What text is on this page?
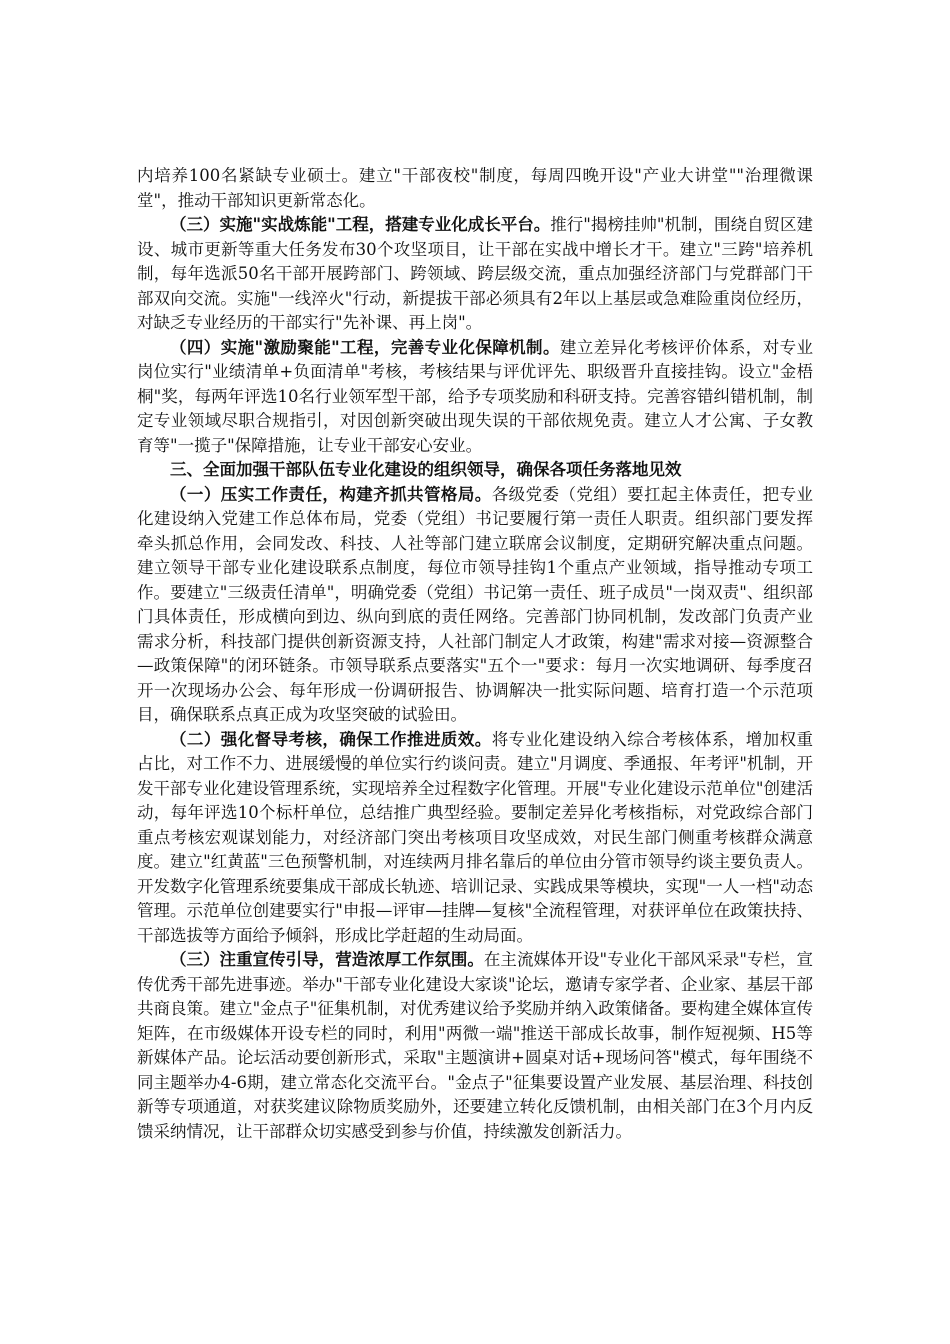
内培养100名紧缺专业硕士。建立"干部夜校"制度，每周四晚开设"产业大讲堂""治理微课堂"，推动干部知识更新常态化。

（三）实施"实战炼能"工程，搭建专业化成长平台。推行"揭榜挂帅"机制，围绕自贸区建设、城市更新等重大任务发布30个攻坚项目，让干部在实战中增长才干。建立"三跨"培养机制，每年选派50名干部开展跨部门、跨领域、跨层级交流，重点加强经济部门与党群部门干部双向交流。实施"一线淬火"行动，新提拔干部必须具有2年以上基层或急难险重岗位经历，对缺乏专业经历的干部实行"先补课、再上岗"。

（四）实施"激励聚能"工程，完善专业化保障机制。建立差异化考核评价体系，对专业岗位实行"业绩清单+负面清单"考核，考核结果与评优评先、职级晋升直接挂钩。设立"金梧桐"奖，每两年评选10名行业领军型干部，给予专项奖励和科研支持。完善容错纠错机制，制定专业领域尽职合规指引，对因创新突破出现失误的干部依规免责。建立人才公寓、子女教育等"一揽子"保障措施，让专业干部安心安业。

三、全面加强干部队伍专业化建设的组织领导，确保各项任务落地见效

（一）压实工作责任，构建齐抓共管格局。各级党委（党组）要扛起主体责任，把专业化建设纳入党建工作总体布局，党委（党组）书记要履行第一责任人职责。组织部门要发挥牵头抓总作用，会同发改、科技、人社等部门建立联席会议制度，定期研究解决重点问题。建立领导干部专业化建设联系点制度，每位市领导挂钩1个重点产业领域，指导推动专项工作。要建立"三级责任清单"，明确党委（党组）书记第一责任、班子成员"一岗双责"、组织部门具体责任，形成横向到边、纵向到底的责任网络。完善部门协同机制，发改部门负责产业需求分析，科技部门提供创新资源支持，人社部门制定人才政策，构建"需求对接—资源整合—政策保障"的闭环链条。市领导联系点要落实"五个一"要求：每月一次实地调研、每季度召开一次现场办公会、每年形成一份调研报告、协调解决一批实际问题、培育打造一个示范项目，确保联系点真正成为攻坚突破的试验田。

（二）强化督导考核，确保工作推进质效。将专业化建设纳入综合考核体系，增加权重占比，对工作不力、进展缓慢的单位实行约谈问责。建立"月调度、季通报、年考评"机制，开发干部专业化建设管理系统，实现培养全过程数字化管理。开展"专业化建设示范单位"创建活动，每年评选10个标杆单位，总结推广典型经验。要制定差异化考核指标，对党政综合部门重点考核宏观谋划能力，对经济部门突出考核项目攻坚成效，对民生部门侧重考核群众满意度。建立"红黄蓝"三色预警机制，对连续两月排名靠后的单位由分管市领导约谈主要负责人。开发数字化管理系统要集成干部成长轨迹、培训记录、实践成果等模块，实现"一人一档"动态管理。示范单位创建要实行"申报—评审—挂牌—复核"全流程管理，对获评单位在政策扶持、干部选拔等方面给予倾斜，形成比学赶超的生动局面。

（三）注重宣传引导，营造浓厚工作氛围。在主流媒体开设"专业化干部风采录"专栏，宣传优秀干部先进事迹。举办"干部专业化建设大家谈"论坛，邀请专家学者、企业家、基层干部共商良策。建立"金点子"征集机制，对优秀建议给予奖励并纳入政策储备。要构建全媒体宣传矩阵，在市级媒体开设专栏的同时，利用"两微一端"推送干部成长故事，制作短视频、H5等新媒体产品。论坛活动要创新形式，采取"主题演讲+圆桌对话+现场问答"模式，每年围绕不同主题举办4-6期，建立常态化交流平台。"金点子"征集要设置产业发展、基层治理、科技创新等专项通道，对获奖建议除物质奖励外，还要建立转化反馈机制，由相关部门在3个月内反馈采纳情况，让干部群众切实感受到参与价值，持续激发创新活力。
